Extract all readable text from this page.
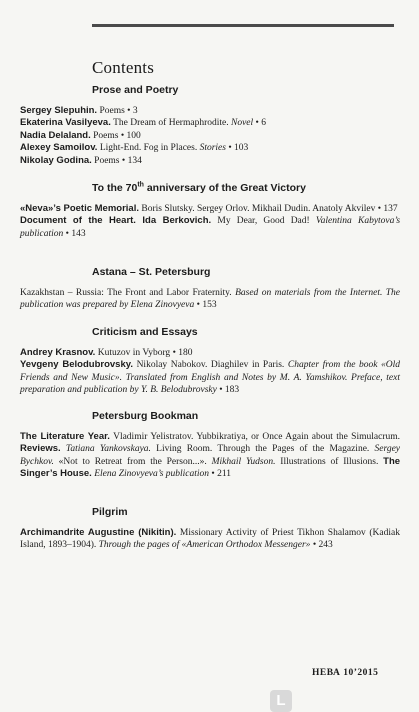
Contents
Prose and Poetry
Sergey Slepuhin. Poems • 3
Ekaterina Vasilyeva. The Dream of Hermaphrodite. Novel • 6
Nadia Delaland. Poems • 100
Alexey Samoilov. Light-End. Fog in Places. Stories • 103
Nikolay Godina. Poems • 134
To the 70th anniversary of the Great Victory
«Neva»’s Poetic Memorial. Boris Slutsky. Sergey Orlov. Mikhail Dudin. Anatoly Akvilev • 137
Document of the Heart. Ida Berkovich. My Dear, Good Dad! Valentina Kabytova’s publication • 143
Astana – St. Petersburg
Kazakhstan – Russia: The Front and Labor Fraternity. Based on materials from the Internet. The publication was prepared by Elena Zinovyeva • 153
Criticism and Essays
Andrey Krasnov. Kutuzov in Vyborg • 180
Yevgeny Belodubrovsky. Nikolay Nabokov. Diaghilev in Paris. Chapter from the book «Old Friends and New Music». Translated from English and Notes by M. A. Yamshikov. Preface, text preparation and publication by Y. B. Belodubrovsky • 183
Petersburg Bookman
The Literature Year. Vladimir Yelistratov. Yubbikratiya, or Once Again about the Simulacrum. Reviews. Tatiana Yankovskaya. Living Room. Through the Pages of the Magazine. Sergey Bychkov. «Not to Retreat from the Person...». Mikhail Yudson. Illustrations of Illusions. The Singer’s House. Elena Zinovyeva’s publication • 211
Pilgrim
Archimandrite Augustine (Nikitin). Missionary Activity of Priest Tikhon Shalamov (Kadiak Island, 1893–1904). Through the pages of «American Orthodox Messenger» • 243
НЕВА 10’2015
L
